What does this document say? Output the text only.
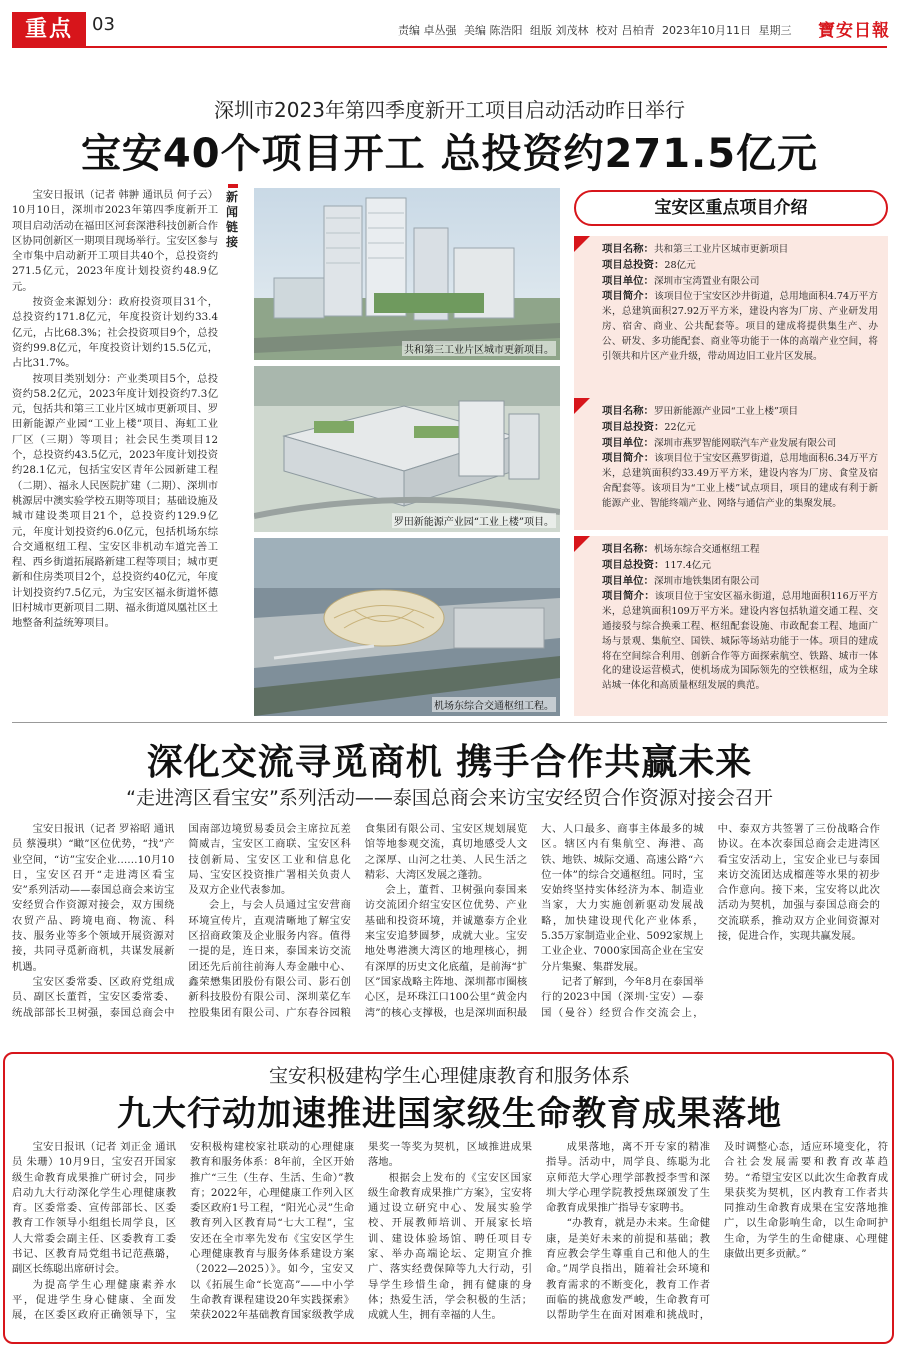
重点	03	责编 卓丛强 美编 陈浩阳 组版 刘茂林 校对 吕柏青 2023年10月11日 星期三 寶安日報
深圳市2023年第四季度新开工项目启动活动昨日举行
宝安40个项目开工 总投资约271.5亿元

宝安日报讯（记者 韩翀 通讯员 何子云）10月10日，深圳市2023年第四季度新开工项目启动活动在福田区河套深港科技创新合作区协同创新区一期项目现场举行。宝安区参与全市集中启动新开工项目共40个，总投资约271.5亿元，2023年度计划投资约48.9亿元。

按资金来源划分：政府投资项目31个，总投资约171.8亿元，年度投资计划约33.4亿元，占比68.3%；社会投资项目9个，总投资约99.8亿元，年度投资计划约15.5亿元，占比31.7%。

按项目类别划分：产业类项目5个，总投资约58.2亿元，2023年度计划投资约7.3亿元，包括共和第三工业片区城市更新项目、罗田新能源产业园“工业上楼”项目、海虹工业厂区（三期）等项目；社会民生类项目12个，总投资约43.5亿元，2023年度计划投资约28.1亿元，包括宝安区青年公园新建工程（二期）、福永人民医院扩建（二期）、深圳市桃源居中澳实验学校五期等项目；基础设施及城市建设类项目21个，总投资约129.9亿元，年度计划投资约6.0亿元，包括机场东综合交通枢纽工程、宝安区非机动车道完善工程、西乡街道拓展路新建工程等项目；城市更新和住房类项目2个，总投资约40亿元，年度计划投资约7.5亿元，为宝安区福永街道怀德旧村城市更新项目二期、福永街道凤凰社区土地整备利益统筹项目。

新闻链接
共和第三工业片区城市更新项目。
罗田新能源产业园“工业上楼”项目。
机场东综合交通枢纽工程。
宝安区重点项目介绍
项目名称：共和第三工业片区城市更新项目
项目总投资：28亿元
项目单位：深圳市宝湾置业有限公司
项目简介：该项目位于宝安区沙井街道，总用地面积4.74万平方米，总建筑面积27.92万平方米，建设内容为厂房、产业研发用房、宿舍、商业、公共配套等。项目的建成将提供集生产、办公、研发、多功能配套、商业等功能于一体的高端产业空间，将引领共和片区产业升级，带动周边旧工业片区发展。
项目名称：罗田新能源产业园“工业上楼”项目
项目总投资：22亿元
项目单位：深圳市燕罗智能网联汽车产业发展有限公司
项目简介：该项目位于宝安区燕罗街道，总用地面积6.34万平方米，总建筑面积约33.49万平方米，建设内容为厂房、食堂及宿舍配套等。该项目为“工业上楼”试点项目，项目的建成有利于新能源产业、智能终端产业、网络与通信产业的集聚发展。
项目名称：机场东综合交通枢纽工程
项目总投资：117.4亿元
项目单位：深圳市地铁集团有限公司
项目简介：该项目位于宝安区福永街道，总用地面积116万平方米，总建筑面积109万平方米。建设内容包括轨道交通工程、交通接驳与综合换乘工程、枢纽配套设施、市政配套工程、地面广场与景观、集航空、国铁、城际等场站功能于一体。项目的建成将在空间综合利用、创新合作等方面探索航空、铁路、城市一体化的建设运营模式，使机场成为国际领先的空铁枢纽，成为全球站城一体化和高质量枢纽发展的典范。
深化交流寻觅商机 携手合作共赢未来
“走进湾区看宝安”系列活动——泰国总商会来访宝安经贸合作资源对接会召开

宝安日报讯（记者 罗裕昭 通讯员 蔡漫琪）“瞰”区位优势，“找”产业空间，“访”宝安企业……10月10日，宝安区召开“走进湾区看宝安”系列活动——泰国总商会来访宝安经贸合作资源对接会，双方围绕农贸产品、跨境电商、物流、科技、服务业等多个领域开展资源对接，共同寻觅新商机，共谋发展新机遇。

宝安区委常委、区政府党组成员、副区长董哲，宝安区委常委、统战部部长卫树强，泰国总商会中国南部边境贸易委员会主席拉瓦差简威吉，宝安区工商联、宝安区科技创新局、宝安区工业和信息化局、宝安区投资推广署相关负责人及双方企业代表参加。

会上，与会人员通过宝安营商环境宣传片，直观清晰地了解宝安区招商政策及企业服务内容。值得一提的是，连日来，泰国来访交流团还先后前往前海人寿金融中心、鑫荣懋集团股份有限公司、影石创新科技股份有限公司、深圳菜亿车控股集团有限公司、广东春谷园粮食集团有限公司、宝安区规划展览馆等地参观交流，真切地感受人文之深厚、山河之壮美、人民生活之精彩、大湾区发展之蓬勃。

会上，董哲、卫树强向泰国来访交流团介绍宝安区位优势、产业基础和投资环境，并诚邀泰方企业来宝安追梦圆梦，成就大业。宝安地处粤港澳大湾区的地理核心，拥有深厚的历史文化底蕴，是前海“扩区”国家战略主阵地、深圳都市圈核心区，是环珠江口100公里“黄金内湾”的核心支撑极，也是深圳面积最大、人口最多、商事主体最多的城区。辖区内有集航空、海港、高铁、地铁、城际交通、高速公路“六位一体”的综合交通枢纽。同时，宝安始终坚持实体经济为本、制造业当家，大力实施创新驱动发展战略，加快建设现代化产业体系，5.35万家制造业企业、5092家规上工业企业、7000家国高企业在宝安分片集聚、集群发展。

记者了解到，今年8月在泰国举行的2023中国（深圳·宝安）—泰国（曼谷）经贸合作交流会上，中、泰双方共签署了三份战略合作协议。在本次泰国总商会走进湾区看宝安活动上，宝安企业已与泰国来访交流团达成榴莲等水果的初步合作意向。接下来，宝安将以此次活动为契机，加强与泰国总商会的交流联系，推动双方企业间资源对接，促进合作，实现共赢发展。

宝安积极建构学生心理健康教育和服务体系
九大行动加速推进国家级生命教育成果落地

宝安日报讯（记者 刘正金 通讯员 朱珊）10月9日，宝安召开国家级生命教育成果推广研讨会，同步启动九大行动深化学生心理健康教育。区委常委、宣传部部长、区委教育工作领导小组组长周学良，区人大常委会副主任、区委教育工委书记、区教育局党组书记范燕璐，副区长练聪出席研讨会。

为提高学生心理健康素养水平，促进学生身心健康、全面发展，在区委区政府正确领导下，宝安积极构建校家社联动的心理健康教育和服务体系：8年前，全区开始推广“三生（生存、生活、生命）”教育；2022年，心理健康工作列入区委区政府1号工程，“阳光心灵”生命教育列入区教育局“七大工程”，宝安还在全市率先发布《宝安区学生心理健康教育与服务体系建设方案（2022—2025）》。如今，宝安又以《拓展生命“长宽高”——中小学生命教育课程建设20年实践探索》荣获2022年基础教育国家级教学成果奖一等奖为契机，区域推进成果落地。

根据会上发布的《宝安区国家级生命教育成果推广方案》，宝安将通过设立研究中心、发展实验学校、开展教师培训、开展家长培训、建设体验场馆、聘任项目专家、举办高端论坛、定期宣介推广、落实经费保障等九大行动，引导学生珍惜生命，拥有健康的身体；热爱生活，学会积极的生活；成就人生，拥有幸福的人生。

成果落地，离不开专家的精准指导。活动中，周学良、练聪为北京师范大学心理学部教授李雪和深圳大学心理学院教授焦琛颁发了生命教育成果推广指导专家聘书。

“办教育，就是办未来。生命健康，是美好未来的前提和基础；教育应教会学生尊重自己和他人的生命。”周学良指出，随着社会环境和教育需求的不断变化，教育工作者面临的挑战愈发严峻，生命教育可以帮助学生在面对困难和挑战时，及时调整心态，适应环境变化，符合社会发展需要和教育改革趋势。“希望宝安区以此次生命教育成果获奖为契机，区内教育工作者共同推动生命教育成果在宝安落地推广，以生命影响生命，以生命呵护生命，为学生的生命健康、心理健康做出更多贡献。”
